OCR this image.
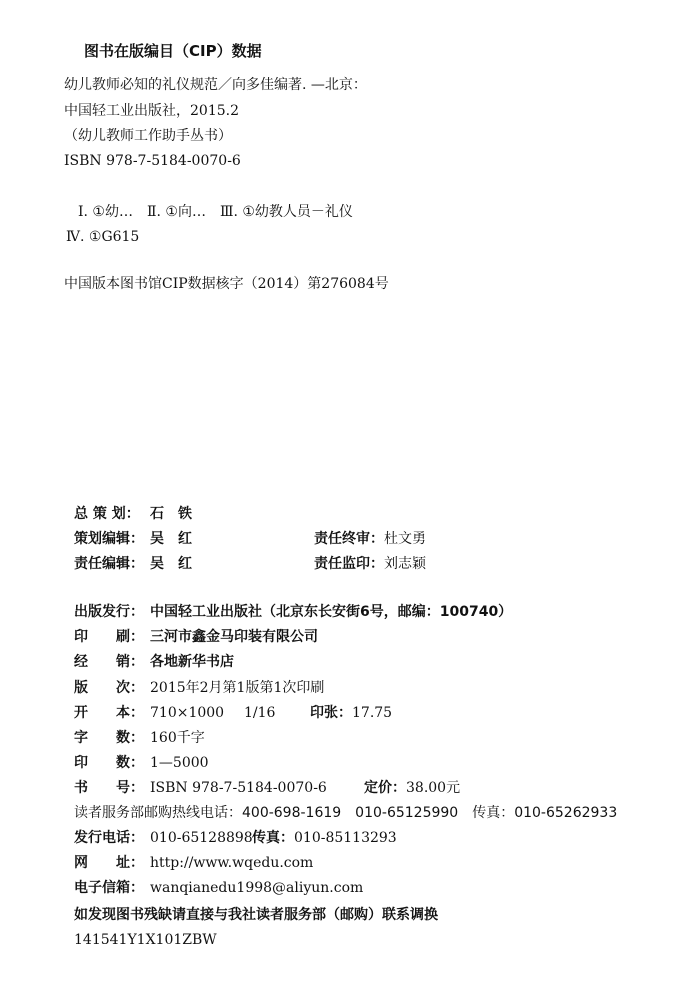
图书在版编目（CIP）数据
幼儿教师必知的礼仪规范／向多佳编著. —北京：
中国轻工业出版社，2015.2
（幼儿教师工作助手丛书）
ISBN 978-7-5184-0070-6
Ⅰ. ①幼…　Ⅱ. ①向…　Ⅲ. ①幼教人员－礼仪
Ⅳ. ①G615
中国版本图书馆CIP数据核字（2014）第276084号
总 策 划： 石　铁
策划编辑： 吴　红	责任终审：杜文勇
责任编辑： 吴　红	责任监印：刘志颖
出版发行： 中国轻工业出版社（北京东长安街6号，邮编：100740）
印　　刷： 三河市鑫金马印装有限公司
经　　销： 各地新华书店
版　　次： 2015年2月第1版第1次印刷
开　　本： 710×1000 1/16 印张：17.75
字　　数： 160千字
印　　数： 1—5000
书　　号： ISBN 978-7-5184-0070-6	定价：38.00元
读者服务部邮购热线电话：400-698-1619　010-65125990　传真：010-65262933
发行电话： 010-65128898 传真：010-85113293
网　　址： http://www.wqedu.com
电子信箱： wanqianedu1998@aliyun.com
如发现图书残缺请直接与我社读者服务部（邮购）联系调换
141541Y1X101ZBW
